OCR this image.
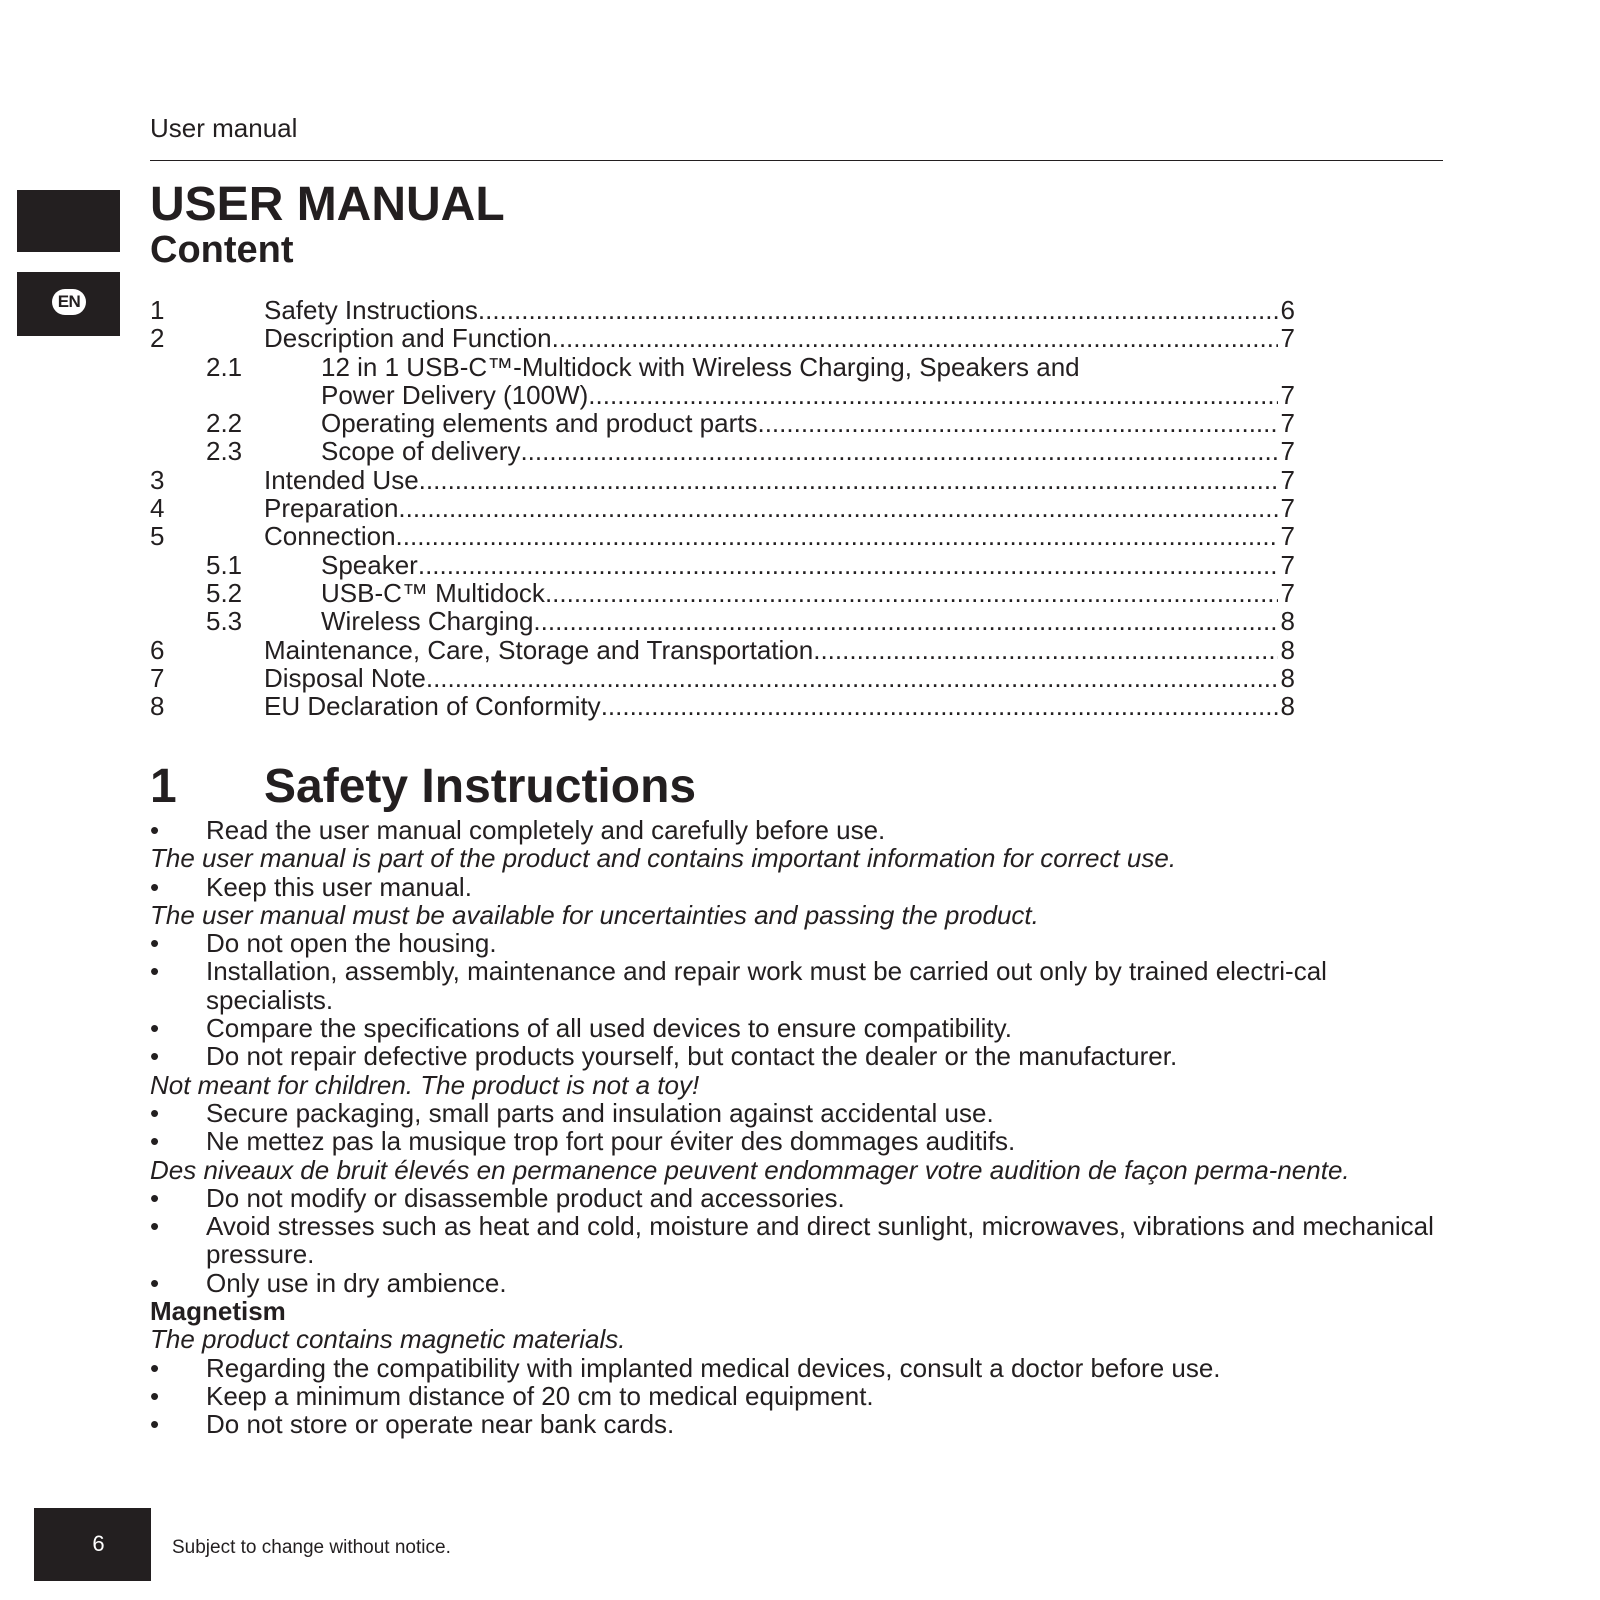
User manual
EN
USER MANUAL
Content
1	Safety Instructions .....	6
2	Description and Function .....	7
2.1	12 in 1 USB-C™-Multidock with Wireless Charging, Speakers and
Power Delivery (100W) .....	7
2.2	Operating elements and product parts .....	7
2.3	Scope of delivery .....	7
3	Intended Use .....	7
4	Preparation .....	7
5	Connection .....	7
5.1	Speaker .....	7
5.2	USB-C™ Multidock .....	7
5.3	Wireless Charging .....	8
6	Maintenance, Care, Storage and Transportation .....	8
7	Disposal Note .....	8
8	EU Declaration of Conformity .....	8
1 Safety Instructions
• Read the user manual completely and carefully before use.
The user manual is part of the product and contains important information for correct use.
• Keep this user manual.
The user manual must be available for uncertainties and passing the product.
• Do not open the housing.
• Installation, assembly, maintenance and repair work must be carried out only by trained electri-cal specialists.
• Compare the specifications of all used devices to ensure compatibility.
• Do not repair defective products yourself, but contact the dealer or the manufacturer.
Not meant for children. The product is not a toy!
• Secure packaging, small parts and insulation against accidental use.
• Ne mettez pas la musique trop fort pour éviter des dommages auditifs.
Des niveaux de bruit élevés en permanence peuvent endommager votre audition de façon perma-nente.
• Do not modify or disassemble product and accessories.
• Avoid stresses such as heat and cold, moisture and direct sunlight, microwaves, vibrations and mechanical pressure.
• Only use in dry ambience.
Magnetism
The product contains magnetic materials.
• Regarding the compatibility with implanted medical devices, consult a doctor before use.
• Keep a minimum distance of 20 cm to medical equipment.
• Do not store or operate near bank cards.
6	Subject to change without notice.
